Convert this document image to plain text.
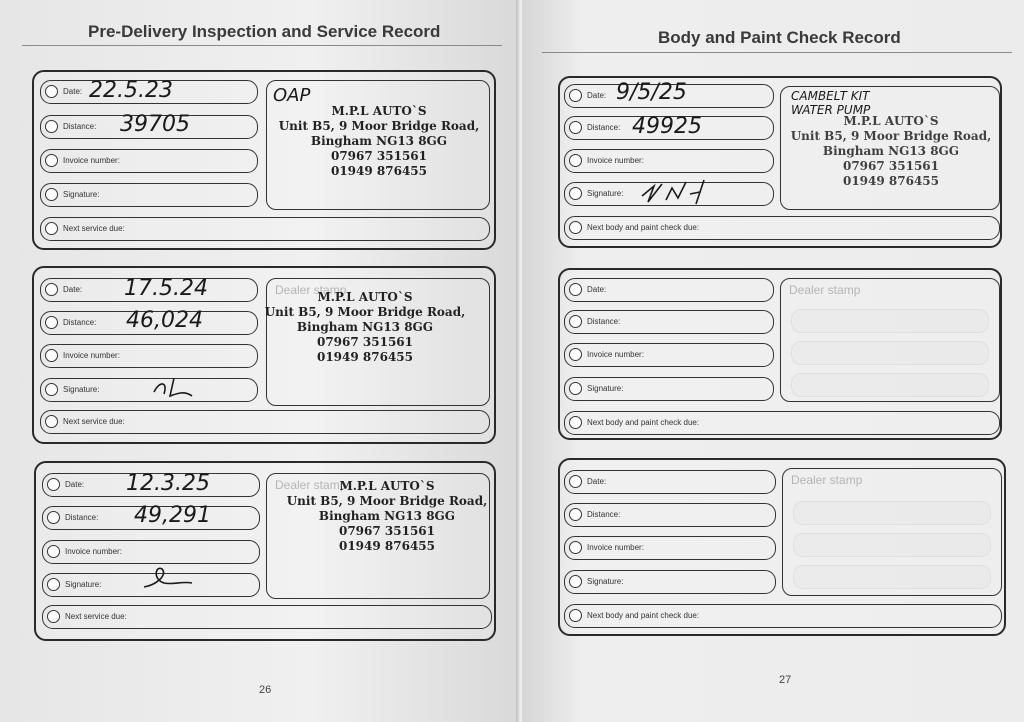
Pre-Delivery Inspection and Service Record
Date: 22.5.23
Distance: 39705
Invoice number:
Signature:
Next service due:
OAP
M.P.L AUTO`S
Unit B5, 9 Moor Bridge Road,
Bingham NG13 8GG
07967 351561
01949 876455
Date: 17.5.24
Distance: 46,024
Invoice number:
Signature:
Next service due:
Dealer stamp
M.P.L AUTO`S
Unit B5, 9 Moor Bridge Road,
Bingham NG13 8GG
07967 351561
01949 876455
Date: 12.3.25
Distance: 49,291
Invoice number:
Signature:
Next service due:
Dealer stamp
M.P.L AUTO`S
Unit B5, 9 Moor Bridge Road,
Bingham NG13 8GG
07967 351561
01949 876455
26
Body and Paint Check Record
Date: 9/5/25
Distance: 49925
Invoice number:
Signature:
Next body and paint check due:
CAMBELT KIT
WATER PUMP
M.P.L AUTO`S
Unit B5, 9 Moor Bridge Road,
Bingham NG13 8GG
07967 351561
01949 876455
Date:
Distance:
Invoice number:
Signature:
Next body and paint check due:
Dealer stamp
Date:
Distance:
Invoice number:
Signature:
Next body and paint check due:
Dealer stamp
27
